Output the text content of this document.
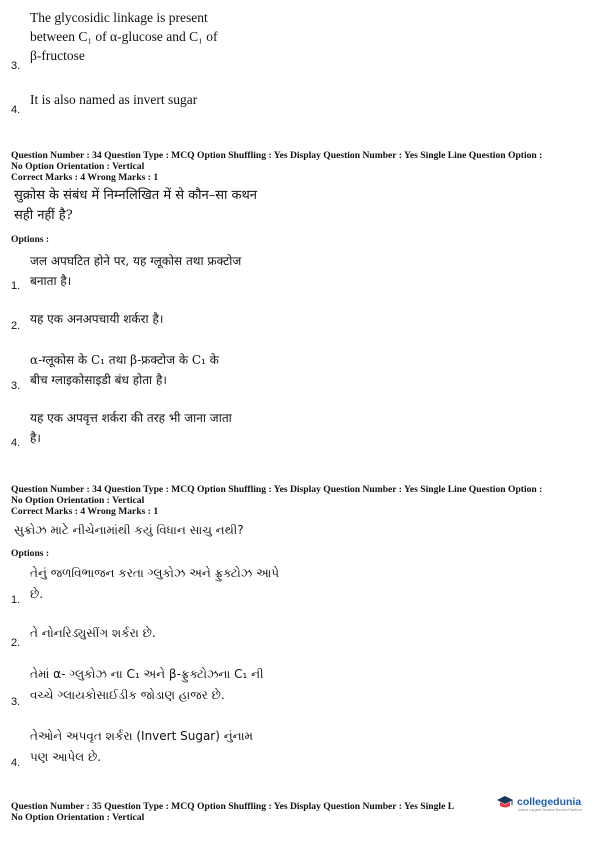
The glycosidic linkage is present
between C₁ of α-glucose and C₁ of
β-fructose
3.
It is also named as invert sugar
4.
Question Number : 34 Question Type : MCQ Option Shuffling : Yes Display Question Number : Yes Single Line Question Option :
No Option Orientation : Vertical
Correct Marks : 4 Wrong Marks : 1
सुक्रोस के संबंध में निम्नलिखित में से कौन–सा कथन
सही नहीं है?
Options :
जल अपघटित होने पर, यह ग्लूकोस तथा फ्रक्टोज
बनाता है।
1.
यह एक अनअपचायी शर्करा है।
2.
α-ग्लूकोस के C₁ तथा β-फ्रक्टोज के C₁ के
बीच ग्लाइकोसाइडी बंध होता है।
3.
यह एक अपवृत्त शर्करा की तरह भी जाना जाता
है।
4.
Question Number : 34 Question Type : MCQ Option Shuffling : Yes Display Question Number : Yes Single Line Question Option :
No Option Orientation : Vertical
Correct Marks : 4 Wrong Marks : 1
સુક્રોઝ માટે નીચેનામાંથી કયું વિધાન સાચુ નથી?
Options :
તેનું જળવિભાજન કરતા ગ્લુકોઝ અને ફ્રુક્ટોઝ આપે
છે.
1.
તે નોનરિડ્યુસીંગ શર્કરા છે.
2.
તેમાં α- ગ્લુકોઝ ના C₁ અને β-ફ્રુક્ટોઝના C₁ ની
વચ્ચે ગ્લાયકોસાઈડીક જોડાણ હાજર છે.
3.
તેઓને અપવૃત શર્કરા (Invert Sugar) નુંનામ
પણ આપેલ છે.
4.
Question Number : 35 Question Type : MCQ Option Shuffling : Yes Display Question Number : Yes Single L
No Option Orientation : Vertical
collegedunia
India's Largest Student Review Platform
